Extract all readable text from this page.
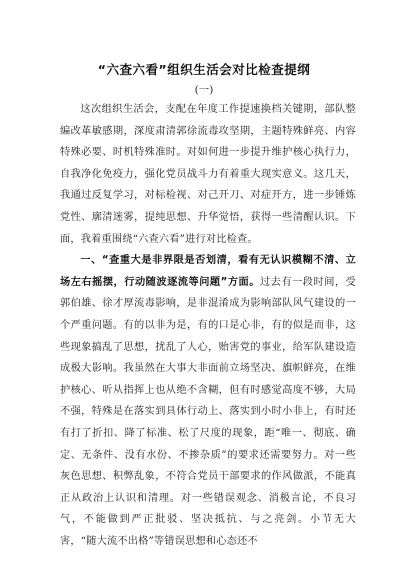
“六查六看”组织生活会对比检查提纲
(一)

这次组织生活会，支配在年度工作提速换档关键期，部队整编改革敏感期，深度肃清郭徐流毒攻坚期，主题特殊鲜亮、内容特殊必要、时机特殊准时。对如何进一步提升维护核心执行力，自我净化免疫力，强化党员战斗力有着重大现实意义。这几天，我通过反复学习，对标检视、对己开刀、对症开方，进一步锤炼党性、廓清迷雾，提纯思想、升华觉悟，获得一些清醒认识。下面，我着重围绕“六查六看”进行对比检查。

一、“查重大是非界限是否划清，看有无认识模糊不清、立场左右摇摆，行动随波逐流等问题”方面。过去有一段时间，受郭伯雄、徐才厚流毒影响，是非混淆成为影响部队风气建设的一个严重问题。有的以非为是，有的口是心非，有的似是而非，这些现象搞乱了思想，扰乱了人心，贻害党的事业，给军队建设造成极大影响。我虽然在大事大非面前立场坚决、旗帜鲜亮，在维护核心、听从指挥上也从绝不含糊，但有时感觉高度不够，大局不强，特殊是在落实到具体行动上、落实到小时小非上，有时还有打了折扣、降了标准、松了尺度的现象，距“唯一、彻底、确定、无条件、没有水份、不掺杂质”的要求还需要努力。对一些灰色思想、积弊乱象，不符合党员干部要求的作风做派，不能真正从政治上认识和清理。对一些错误观念、消极言论，不良习气，不能做到严正批驳、坚决抵抗、与之亮剑。小节无大害，“随大流不出格”等错误思想和心态还不
